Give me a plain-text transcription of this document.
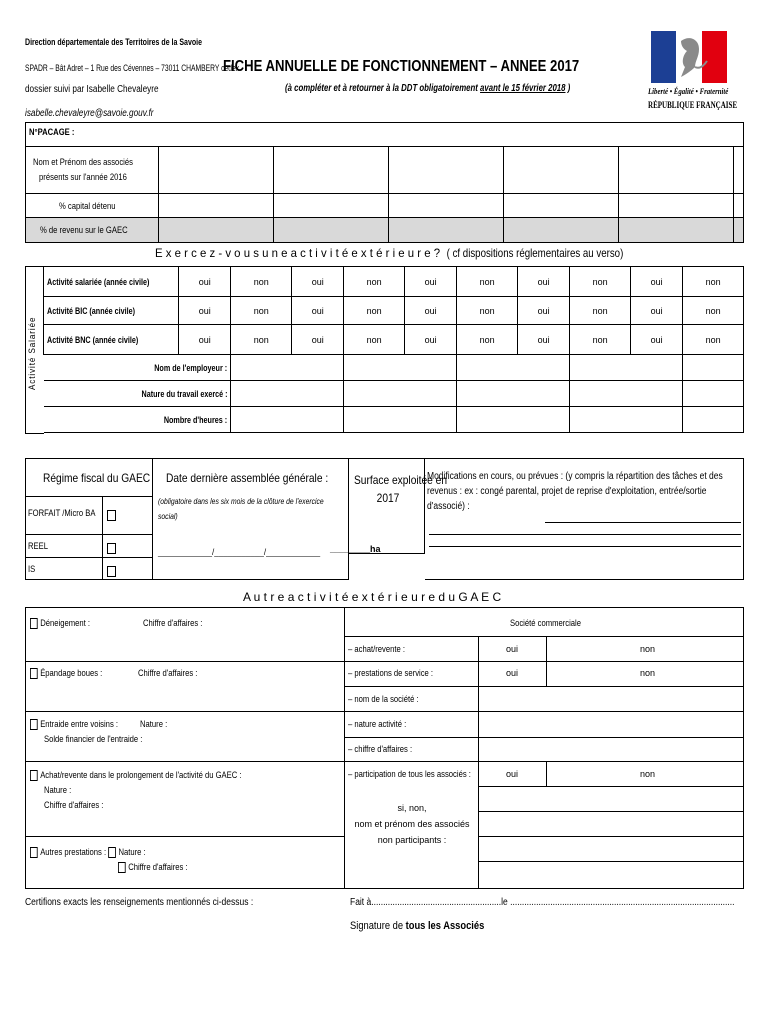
Direction départementale des Territoires de la Savoie
SPADR – Bât Adret – 1 Rue des Cévennes – 73011 CHAMBERY cedex
dossier suivi par Isabelle Chevaleyre
isabelle.chevaleyre@savoie.gouv.fr
FICHE ANNUELLE DE FONCTIONNEMENT – ANNEE 2017
(à compléter et à retourner à la DDT obligatoirement avant le 15 février 2018 )	Liberté • Égalité • Fraternité
RÉPUBLIQUE FRANÇAISE
N°PACAGE :						
Nom et Prénom des associés
présents sur l'année 2016						
% capital détenu						
% de revenu sur le GAEC						
E x e r c e z - v o u s u n e a c t i v i t é e x t é r i e u r e ? ( cf dispositions réglementaires au verso)
Activité Salariée
Activité salariée (année civile)	oui	non	oui	non	oui	non	oui	non	oui	non
Activité BIC (année civile)	oui	non	oui	non	oui	non	oui	non	oui	non
Activité BNC (année civile)	oui	non	oui	non	oui	non	oui	non	oui	non
Nom de l'employeur :										
Nature du travail exercé :										
Nombre d'heures :										
Régime fiscal du GAEC
FORFAIT /Micro BA
REEL
IS
Date dernière assemblée générale :
(obligatoire dans les six mois de la clôture de l'exercice social)
____________/___________/____________
Surface exploitée en
2017
________ha
Modifications en cours, ou prévues : (y compris la répartition des tâches et des revenus : ex : congé parental, projet de reprise d'exploitation, entrée/sortie d'associé) :
A u t r e a c t i v i t é e x t é r i e u r e d u G A E C
Déneigement :	Chiffre d'affaires :
Épandage boues :	Chiffre d'affaires :
Entraide entre voisins : Nature :
Solde financier de l'entraide :
Achat/revente dans le prolongement de l'activité du GAEC :
Nature :
Chiffre d'affaires :
Autres prestations : Nature :
Chiffre d'affaires :
Société commerciale
– achat/revente :	oui	non
– prestations de service :	oui	non
– nom de la société :
– nature activité :
– chiffre d'affaires :
– participation de tous les associés :	oui	non
si, non,
nom et prénom des associés
non participants :
Certifions exacts les renseignements mentionnés ci-dessus :	Fait à.......................................................le ...............................................................................................
Signature de tous les Associés
